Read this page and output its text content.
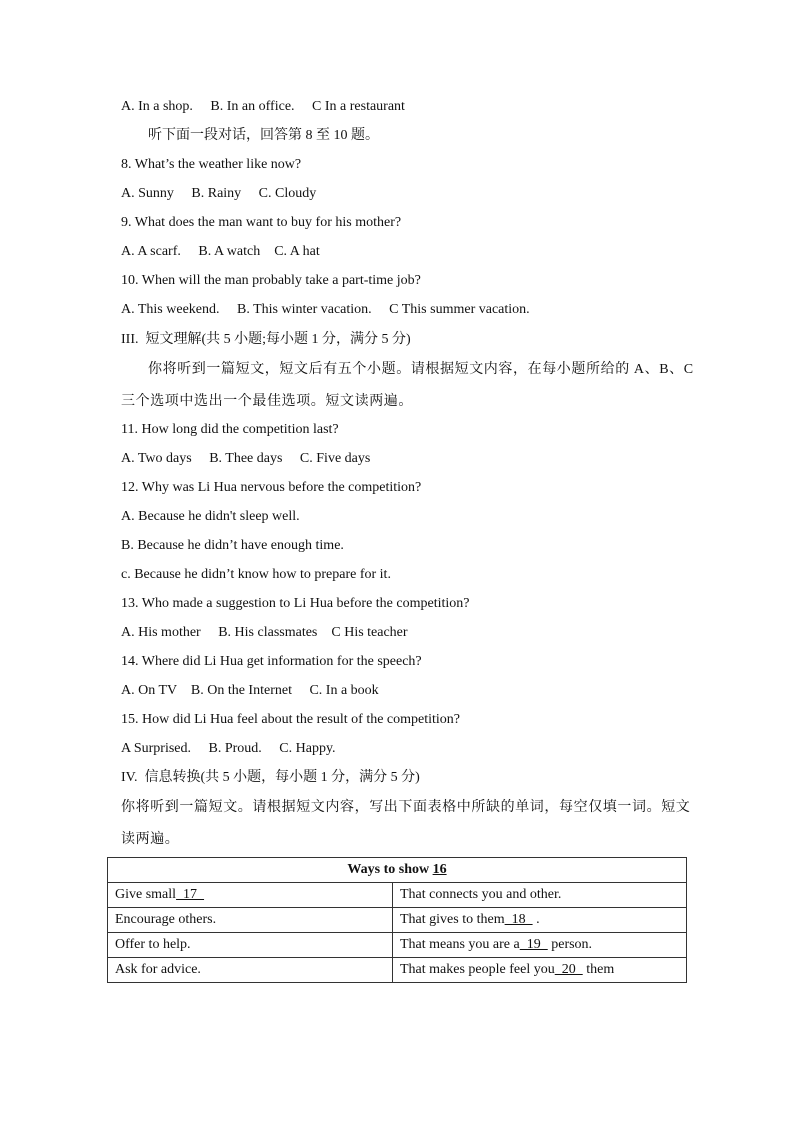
A. In a shop.     B. In an office.     C In a restaurant
听下面一段对话，回答第 8 至 10 题。
8. What’s the weather like now?
A. Sunny     B. Rainy     C. Cloudy
9. What does the man want to buy for his mother?
A. A scarf.     B. A watch    C. A hat
10. When will the man probably take a part-time job?
A. This weekend.     B. This winter vacation.     C This summer vacation.
III.  短文理解(共 5 小题;每小题 1 分，满分 5 分)
你将听到一篇短文，短文后有五个小题。请根据短文内容，在每小题所给的 A、B、C
三个选项中选出一个最佳选项。短文读两遍。
11. How long did the competition last?
A. Two days     B. Thee days     C. Five days
12. Why was Li Hua nervous before the competition?
A. Because he didn't sleep well.
B. Because he didn’t have enough time.
c. Because he didn’t know how to prepare for it.
13. Who made a suggestion to Li Hua before the competition?
A. His mother     B. His classmates    C His teacher
14. Where did Li Hua get information for the speech?
A. On TV    B. On the Internet     C. In a book
15. How did Li Hua feel about the result of the competition?
A Surprised.     B. Proud.     C. Happy.
IV.  信息转换(共 5 小题，每小题 1 分，满分 5 分)
你将听到一篇短文。请根据短文内容，写出下面表格中所缺的单词，每空仅填一词。短文
读两遍。
Ways to show 16	
Give small  17	That connects you and other.
Encourage others.	That gives to them  18   .
Offer to help.	That means you are a  19   person.
Ask for advice.	That makes people feel you  20   them
